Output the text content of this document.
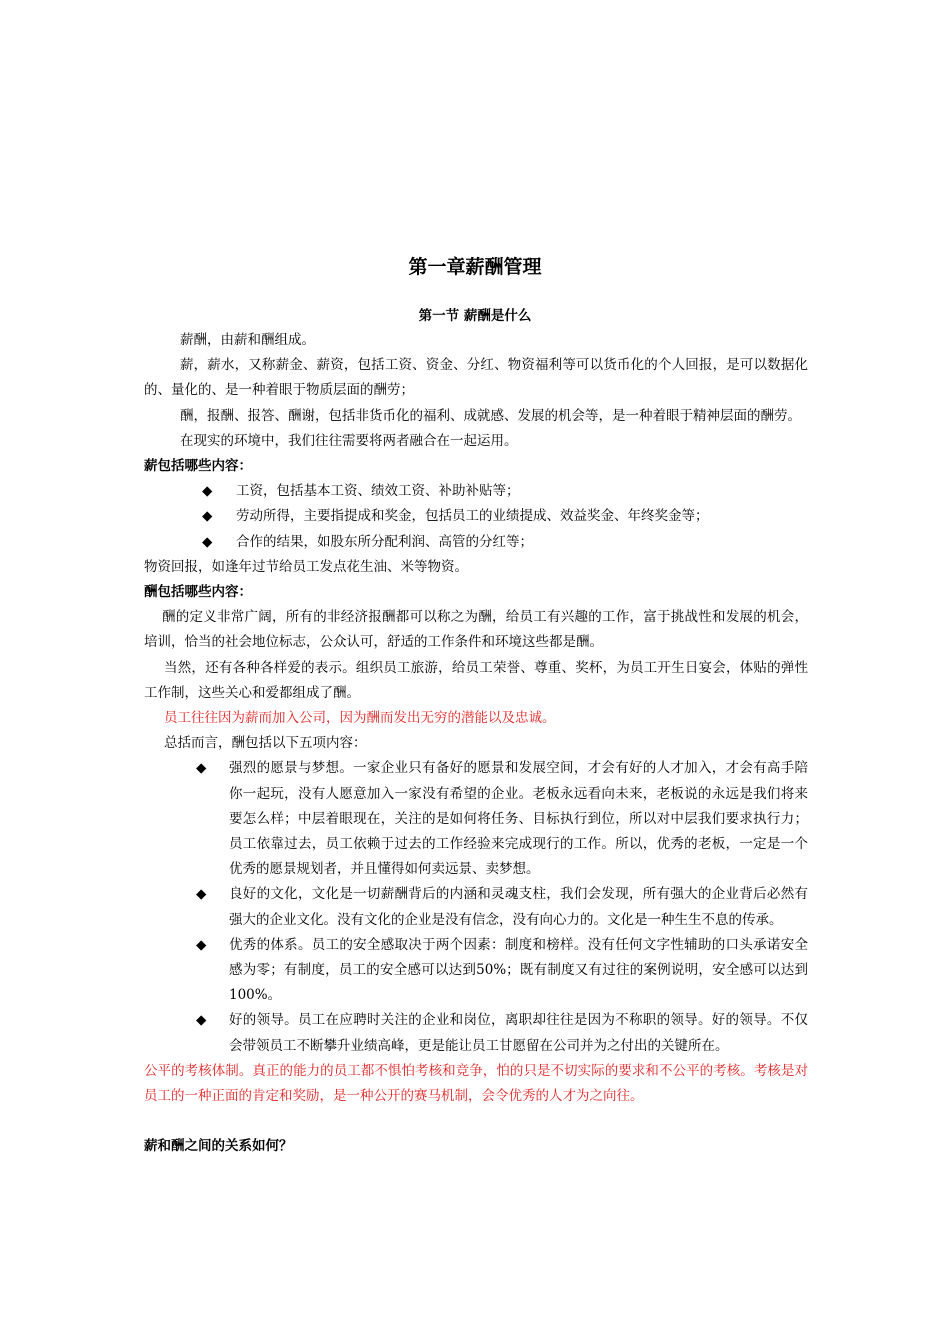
第一章薪酬管理
第一节 薪酬是什么

薪酬，由薪和酬组成。

薪，薪水，又称薪金、薪资，包括工资、资金、分红、物资福利等可以货币化的个人回报，是可以数据化的、量化的、是一种着眼于物质层面的酬劳；

酬，报酬、报答、酬谢，包括非货币化的福利、成就感、发展的机会等，是一种着眼于精神层面的酬劳。

在现实的环境中，我们往往需要将两者融合在一起运用。

薪包括哪些内容：

◆	工资，包括基本工资、绩效工资、补助补贴等；
◆	劳动所得，主要指提成和奖金，包括员工的业绩提成、效益奖金、年终奖金等；
◆	合作的结果，如股东所分配利润、高管的分红等；

物资回报，如逢年过节给员工发点花生油、米等物资。

酬包括哪些内容：

酬的定义非常广阔，所有的非经济报酬都可以称之为酬，给员工有兴趣的工作，富于挑战性和发展的机会，培训，恰当的社会地位标志，公众认可，舒适的工作条件和环境这些都是酬。

当然，还有各种各样爱的表示。组织员工旅游，给员工荣誉、尊重、奖杯，为员工开生日宴会，体贴的弹性工作制，这些关心和爱都组成了酬。

员工往往因为薪而加入公司，因为酬而发出无穷的潜能以及忠诚。

总括而言，酬包括以下五项内容：

◆	强烈的愿景与梦想。一家企业只有备好的愿景和发展空间，才会有好的人才加入，才会有高手陪你一起玩，没有人愿意加入一家没有希望的企业。老板永远看向未来，老板说的永远是我们将来要怎么样；中层着眼现在，关注的是如何将任务、目标执行到位，所以对中层我们要求执行力；员工依靠过去，员工依赖于过去的工作经验来完成现行的工作。所以，优秀的老板，一定是一个优秀的愿景规划者，并且懂得如何卖远景、卖梦想。
◆	良好的文化，文化是一切薪酬背后的内涵和灵魂支柱，我们会发现，所有强大的企业背后必然有强大的企业文化。没有文化的企业是没有信念，没有向心力的。文化是一种生生不息的传承。
◆	优秀的体系。员工的安全感取决于两个因素：制度和榜样。没有任何文字性辅助的口头承诺安全感为零；有制度，员工的安全感可以达到50%；既有制度又有过往的案例说明，安全感可以达到100%。
◆	好的领导。员工在应聘时关注的企业和岗位，离职却往往是因为不称职的领导。好的领导。不仅会带领员工不断攀升业绩高峰，更是能让员工甘愿留在公司并为之付出的关键所在。

公平的考核体制。真正的能力的员工都不惧怕考核和竞争，怕的只是不切实际的要求和不公平的考核。考核是对员工的一种正面的肯定和奖励，是一种公开的赛马机制，会令优秀的人才为之向往。

薪和酬之间的关系如何？
